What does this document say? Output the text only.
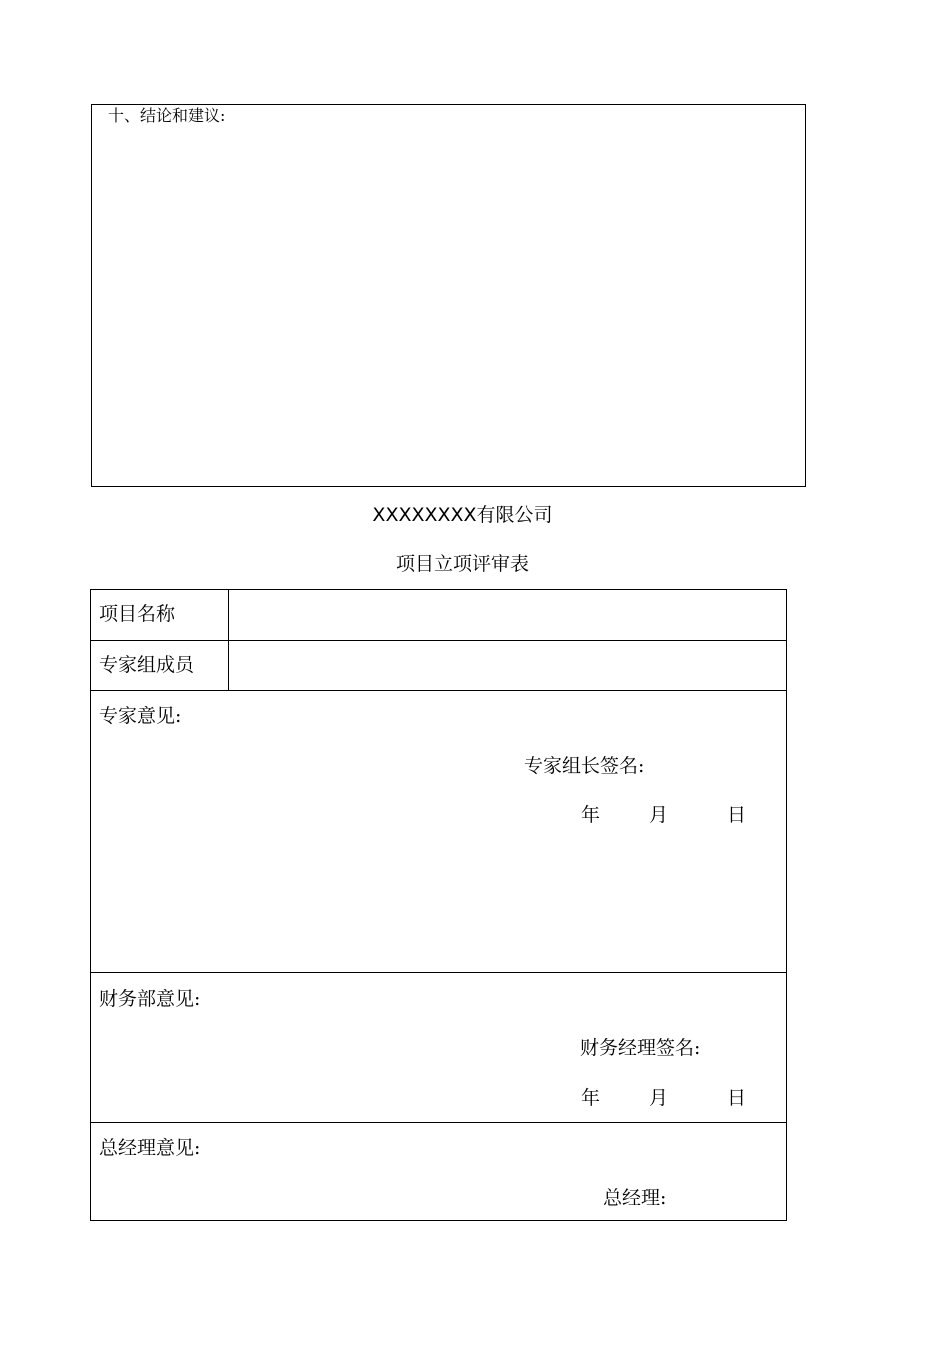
十、结论和建议:
XXXXXXXX有限公司
项目立项评审表
项目名称
专家组成员
专家意见:
专家组长签名:
年	月	日
财务部意见:
财务经理签名:
年	月	日
总经理意见:
总经理:
